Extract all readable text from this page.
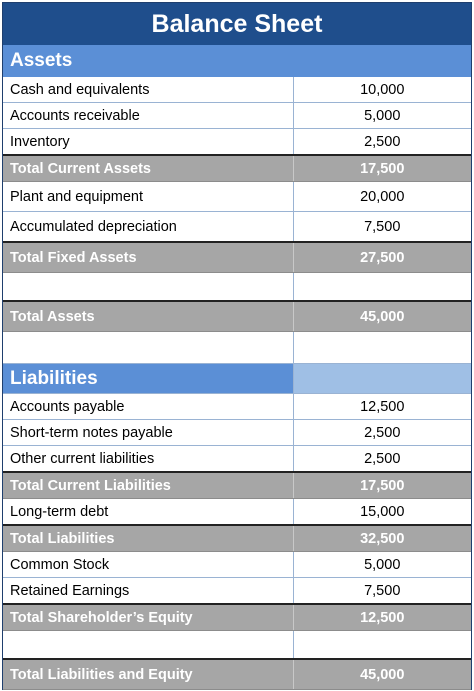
Balance Sheet
Assets	
Cash and equivalents	10,000
Accounts receivable	5,000
Inventory	2,500
Total Current Assets	17,500
Plant and equipment	20,000
Accumulated depreciation	7,500
Total Fixed Assets	27,500

Total Assets	45,000

Liabilities	
Accounts payable	12,500
Short-term notes payable	2,500
Other current liabilities	2,500
Total Current Liabilities	17,500
Long-term debt	15,000
Total Liabilities	32,500
Common Stock	5,000
Retained Earnings	7,500
Total Shareholder’s Equity	12,500

Total Liabilities and Equity	45,000
